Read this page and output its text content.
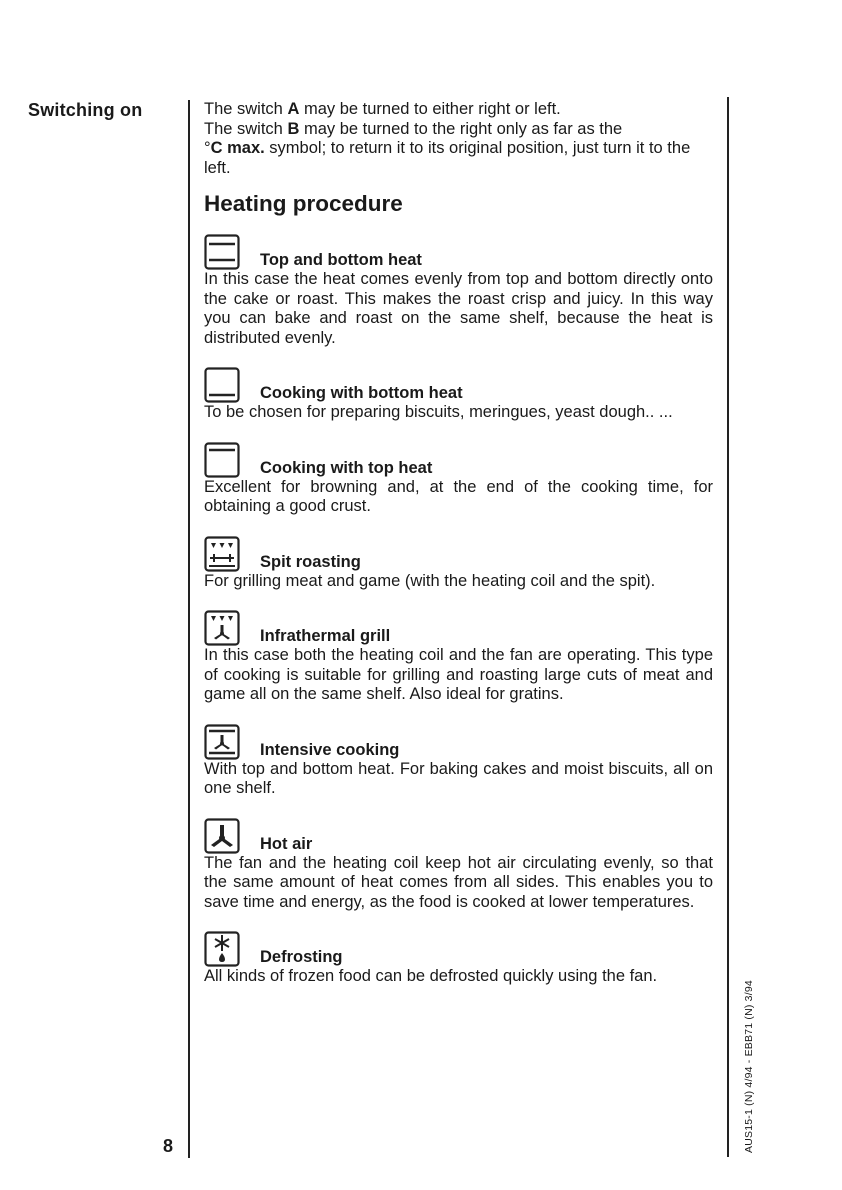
Switching on	The switch A may be turned to either right or left.
The switch B may be turned to the right only as far as the
°C max. symbol; to return it to its original position, just turn it to the left.

Heating procedure
Top and bottom heat

In this case the heat comes evenly from top and bottom directly onto the cake or roast. This makes the roast crisp and juicy. In this way you can bake and roast on the same shelf, because the heat is distributed evenly.

Cooking with bottom heat

To be chosen for preparing biscuits, meringues, yeast dough.. ...

Cooking with top heat

Excellent for browning and, at the end of the cooking time, for obtaining a good crust.

Spit roasting

For grilling meat and game (with the heating coil and the spit).

Infrathermal grill

In this case both the heating coil and the fan are operating. This type of cooking is suitable for grilling and roasting large cuts of meat and game all on the same shelf. Also ideal for gratins.

Intensive cooking

With top and bottom heat. For baking cakes and moist biscuits, all on one shelf.

Hot air

The fan and the heating coil keep hot air circulating evenly, so that the same amount of heat comes from all sides. This enables you to save time and energy, as the food is cooked at lower temperatures.

Defrosting

All kinds of frozen food can be defrosted quickly using the fan.

8	AUS15-1 (N) 4/94 - EBB71 (N) 3/94
